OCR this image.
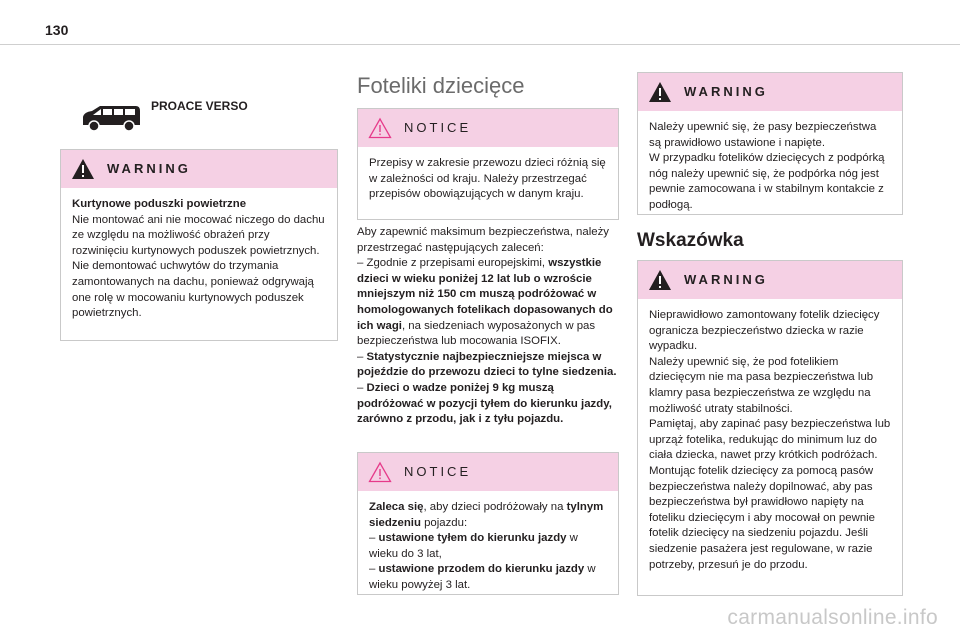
130
PROACE VERSO
WARNING
Kurtynowe poduszki powietrzne
Nie montować ani nie mocować niczego do dachu ze względu na możliwość obrażeń przy rozwinięciu kurtynowych poduszek powietrznych.
Nie demontować uchwytów do trzymania zamontowanych na dachu, ponieważ odgrywają one rolę w mocowaniu kurtynowych poduszek powietrznych.
Foteliki dziecięce
NOTICE
Przepisy w zakresie przewozu dzieci różnią się w zależności od kraju. Należy przestrzegać przepisów obowiązujących w danym kraju.
Aby zapewnić maksimum bezpieczeństwa, należy przestrzegać następujących zaleceń:
– Zgodnie z przepisami europejskimi, wszystkie dzieci w wieku poniżej 12 lat lub o wzroście mniejszym niż 150 cm muszą podróżować w homologowanych fotelikach dopasowanych do ich wagi, na siedzeniach wyposażonych w pas bezpieczeństwa lub mocowania ISOFIX.
– Statystycznie najbezpieczniejsze miejsca w pojeździe do przewozu dzieci to tylne siedzenia.
– Dzieci o wadze poniżej 9 kg muszą podróżować w pozycji tyłem do kierunku jazdy, zarówno z przodu, jak i z tyłu pojazdu.
NOTICE
Zaleca się, aby dzieci podróżowały na tylnym siedzeniu pojazdu:
– ustawione tyłem do kierunku jazdy w wieku do 3 lat,
– ustawione przodem do kierunku jazdy w wieku powyżej 3 lat.
WARNING
Należy upewnić się, że pasy bezpieczeństwa są prawidłowo ustawione i napięte.
W przypadku fotelików dziecięcych z podpórką nóg należy upewnić się, że podpórka nóg jest pewnie zamocowana i w stabilnym kontakcie z podłogą.
Wskazówka
WARNING
Nieprawidłowo zamontowany fotelik dziecięcy ogranicza bezpieczeństwo dziecka w razie wypadku.
Należy upewnić się, że pod fotelikiem dziecięcym nie ma pasa bezpieczeństwa lub klamry pasa bezpieczeństwa ze względu na możliwość utraty stabilności.
Pamiętaj, aby zapinać pasy bezpieczeństwa lub uprząż fotelika, redukując do minimum luz do ciała dziecka, nawet przy krótkich podróżach.
Montując fotelik dziecięcy za pomocą pasów bezpieczeństwa należy dopilnować, aby pas bezpieczeństwa był prawidłowo napięty na foteliku dziecięcym i aby mocował on pewnie fotelik dziecięcy na siedzeniu pojazdu. Jeśli siedzenie pasażera jest regulowane, w razie potrzeby, przesuń je do przodu.
carmanualsonline.info
